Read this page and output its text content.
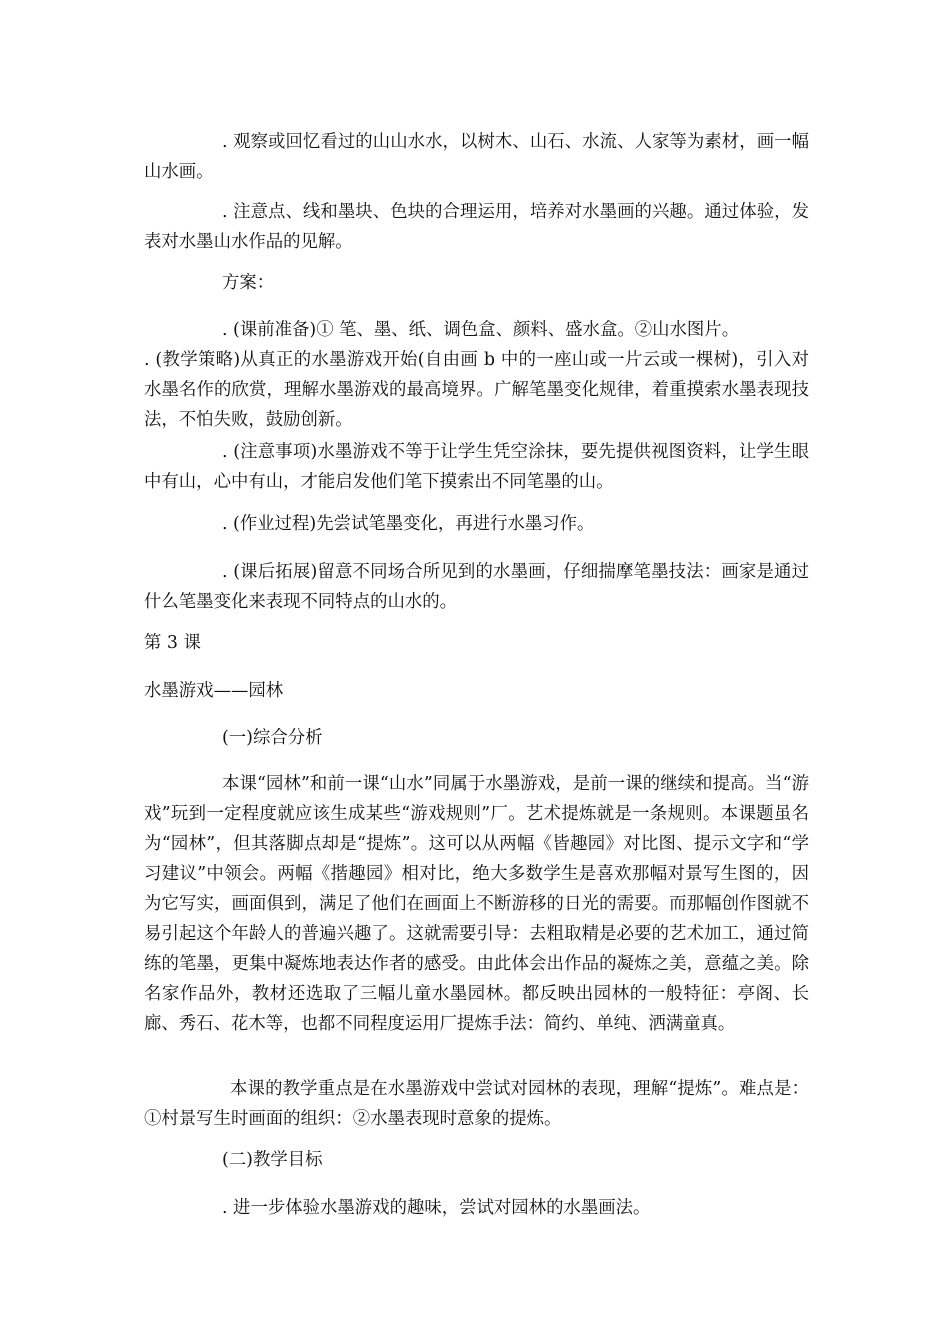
. 观察或回忆看过的山山水水，以树木、山石、水流、人家等为素材，画一幅山水画。

. 注意点、线和墨块、色块的合理运用，培养对水墨画的兴趣。通过体验，发表对水墨山水作品的见解。

方案：

. (课前准备)① 笔、墨、纸、调色盒、颜料、盛水盒。②山水图片。

. (教学策略)从真正的水墨游戏开始(自由画 b 中的一座山或一片云或一棵树)，引入对水墨名作的欣赏，理解水墨游戏的最高境界。广解笔墨变化规律，着重摸索水墨表现技法，不怕失败，鼓励创新。

. (注意事项)水墨游戏不等于让学生凭空涂抹，要先提供视图资料，让学生眼中有山，心中有山，才能启发他们笔下摸索出不同笔墨的山。

. (作业过程)先尝试笔墨变化，再进行水墨习作。

. (课后拓展)留意不同场合所见到的水墨画，仔细揣摩笔墨技法：画家是通过什么笔墨变化来表现不同特点的山水的。

第 3 课

水墨游戏——园林

(一)综合分析

本课“园林”和前一课“山水”同属于水墨游戏，是前一课的继续和提高。当“游戏”玩到一定程度就应该生成某些“游戏规则”厂。艺术提炼就是一条规则。本课题虽名为“园林”，但其落脚点却是“提炼”。这可以从两幅《皆趣园》对比图、提示文字和“学习建议”中领会。两幅《揩趣园》相对比，绝大多数学生是喜欢那幅对景写生图的，因为它写实，画面俱到，满足了他们在画面上不断游移的日光的需要。而那幅创作图就不易引起这个年龄人的普遍兴趣了。这就需要引导：去粗取精是必要的艺术加工，通过简练的笔墨，更集中凝炼地表达作者的感受。由此体会出作品的凝炼之美，意蕴之美。除名家作品外，教材还选取了三幅儿童水墨园林。都反映出园林的一般特征：亭阁、长廊、秀石、花木等，也都不同程度运用厂提炼手法：简约、单纯、洒满童真。

本课的教学重点是在水墨游戏中尝试对园林的表现，理解“提炼”。难点是：①村景写生时画面的组织：②水墨表现时意象的提炼。

(二)教学目标

. 进一步体验水墨游戏的趣味，尝试对园林的水墨画法。
